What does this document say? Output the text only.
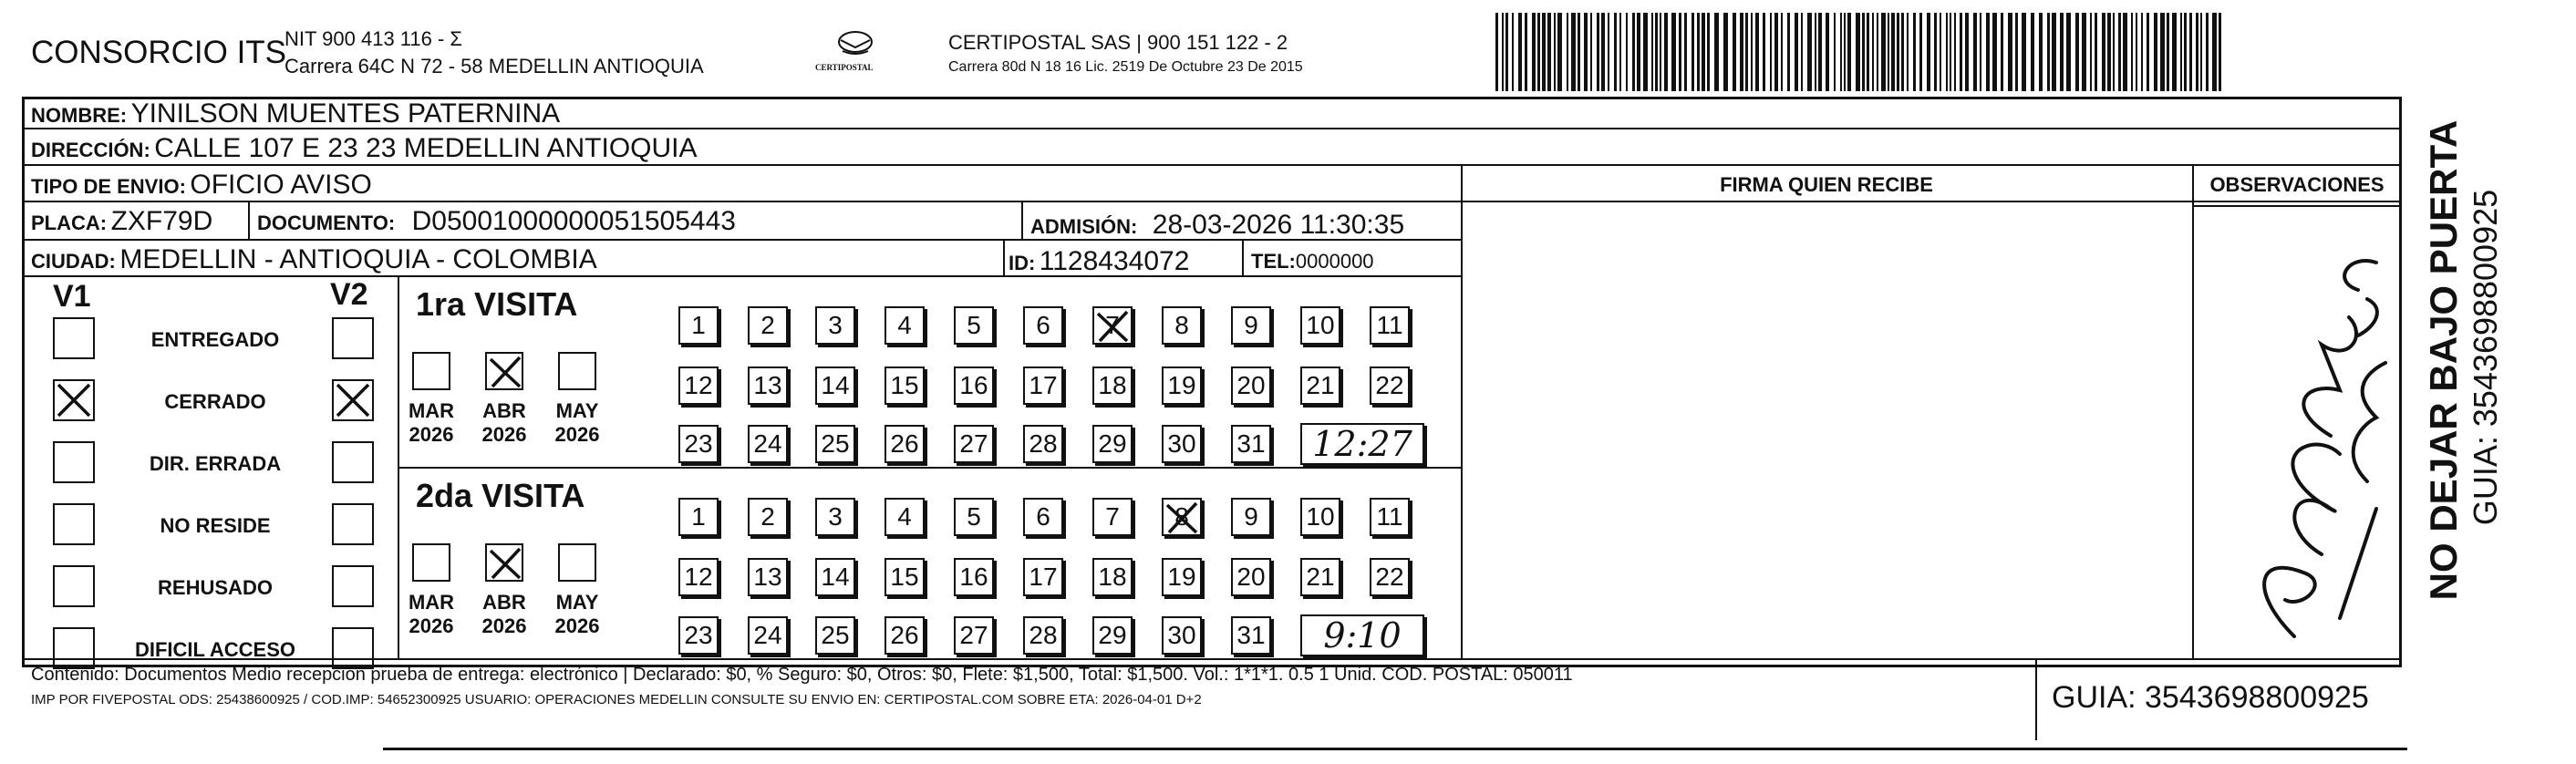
CONSORCIO ITS
NIT 900 413 116 - Σ
Carrera 64C N 72 - 58 MEDELLIN ANTIOQUIA	CERTIPOSTAL
CERTIPOSTAL SAS | 900 151 122 - 2
Carrera 80d N 18 16 Lic. 2519 De Octubre 23 De 2015
NOMBRE: YINILSON MUENTES PATERNINA
DIRECCIÓN: CALLE 107 E 23 23 MEDELLIN ANTIOQUIA
TIPO DE ENVIO: OFICIO AVISO
PLACA: ZXF79D DOCUMENTO: D05001000000051505443	ADMISIÓN: 28-03-2026 11:30:35
CIUDAD: MEDELLIN - ANTIOQUIA - COLOMBIA	ID: 1128434072	TEL:0000000
FIRMA QUIEN RECIBE	OBSERVACIONES NO DEJAR BAJO PUERTA GUIA: 3543698800925
V1	V2
ENTREGADO
CERRADO
DIR. ERRADA
NO RESIDE
REHUSADO
DIFICIL ACCESO
1ra VISITA
MAR
2026
ABR
2026
MAY
2026
1	2	3	4	5	6	7	8	9	10 11
12 13 14 15 16 17 18 19 20 21 22
23 24 25 26 27 28 29 30 31	12:27
2da VISITA
MAR
2026
ABR
2026
MAY
2026
1	2	3	4	5	6	7	8	9	10 11
12 13 14 15 16 17 18 19 20 21 22
23 24 25 26 27 28 29 30 31	9:10
Contenido: Documentos Medio recepción prueba de entrega: electrónico | Declarado: $0, % Seguro: $0, Otros: $0, Flete: $1,500, Total: $1,500. Vol.: 1*1*1. 0.5 1 Unid. COD. POSTAL: 050011
IMP POR FIVEPOSTAL ODS: 25438600925 / COD.IMP: 54652300925 USUARIO: OPERACIONES MEDELLIN CONSULTE SU ENVIO EN: CERTIPOSTAL.COM SOBRE ETA: 2026-04-01 D+2	GUIA: 3543698800925
